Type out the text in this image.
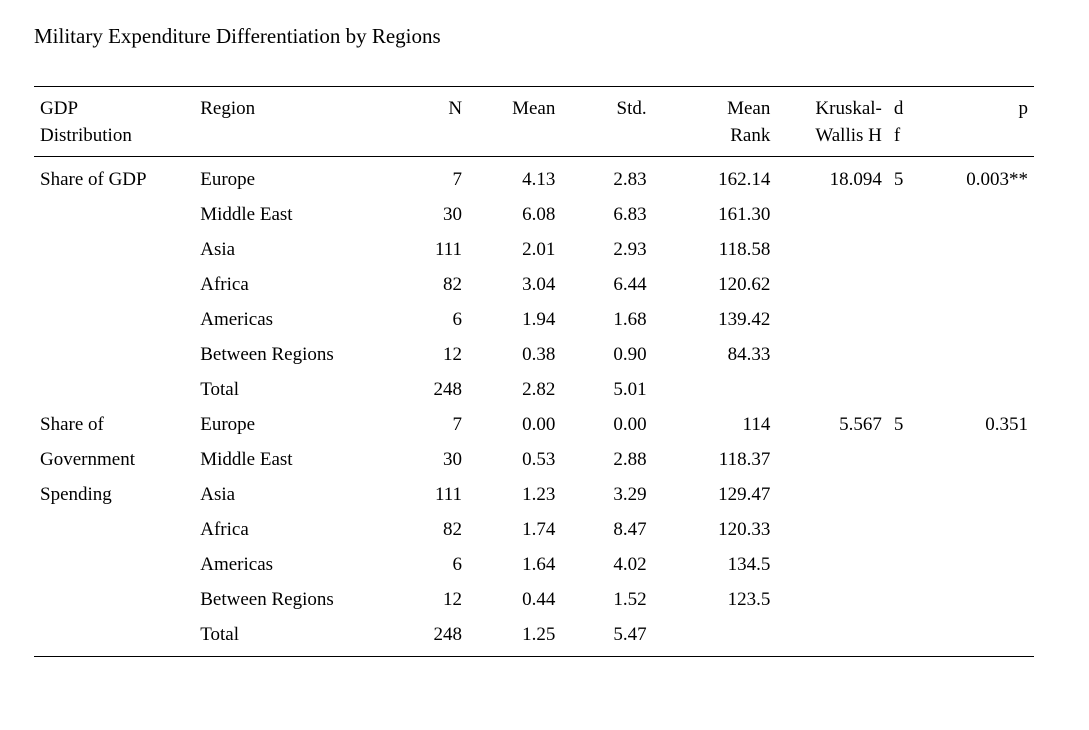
Military Expenditure Differentiation by Regions
GDP	Region	N	Mean	Std.	Mean	Kruskal-	d	p
Distribution					Rank	Wallis H	f	
Share of GDP	Europe	7	4.13	2.83	162.14	18.094	5	0.003**
	Middle East	30	6.08	6.83	161.30			
	Asia	111	2.01	2.93	118.58			
	Africa	82	3.04	6.44	120.62			
	Americas	6	1.94	1.68	139.42			
	Between Regions	12	0.38	0.90	84.33			
	Total	248	2.82	5.01				
Share of	Europe	7	0.00	0.00	114	5.567	5	0.351
Government	Middle East	30	0.53	2.88	118.37			
Spending	Asia	111	1.23	3.29	129.47			
	Africa	82	1.74	8.47	120.33			
	Americas	6	1.64	4.02	134.5			
	Between Regions	12	0.44	1.52	123.5			
	Total	248	1.25	5.47				
